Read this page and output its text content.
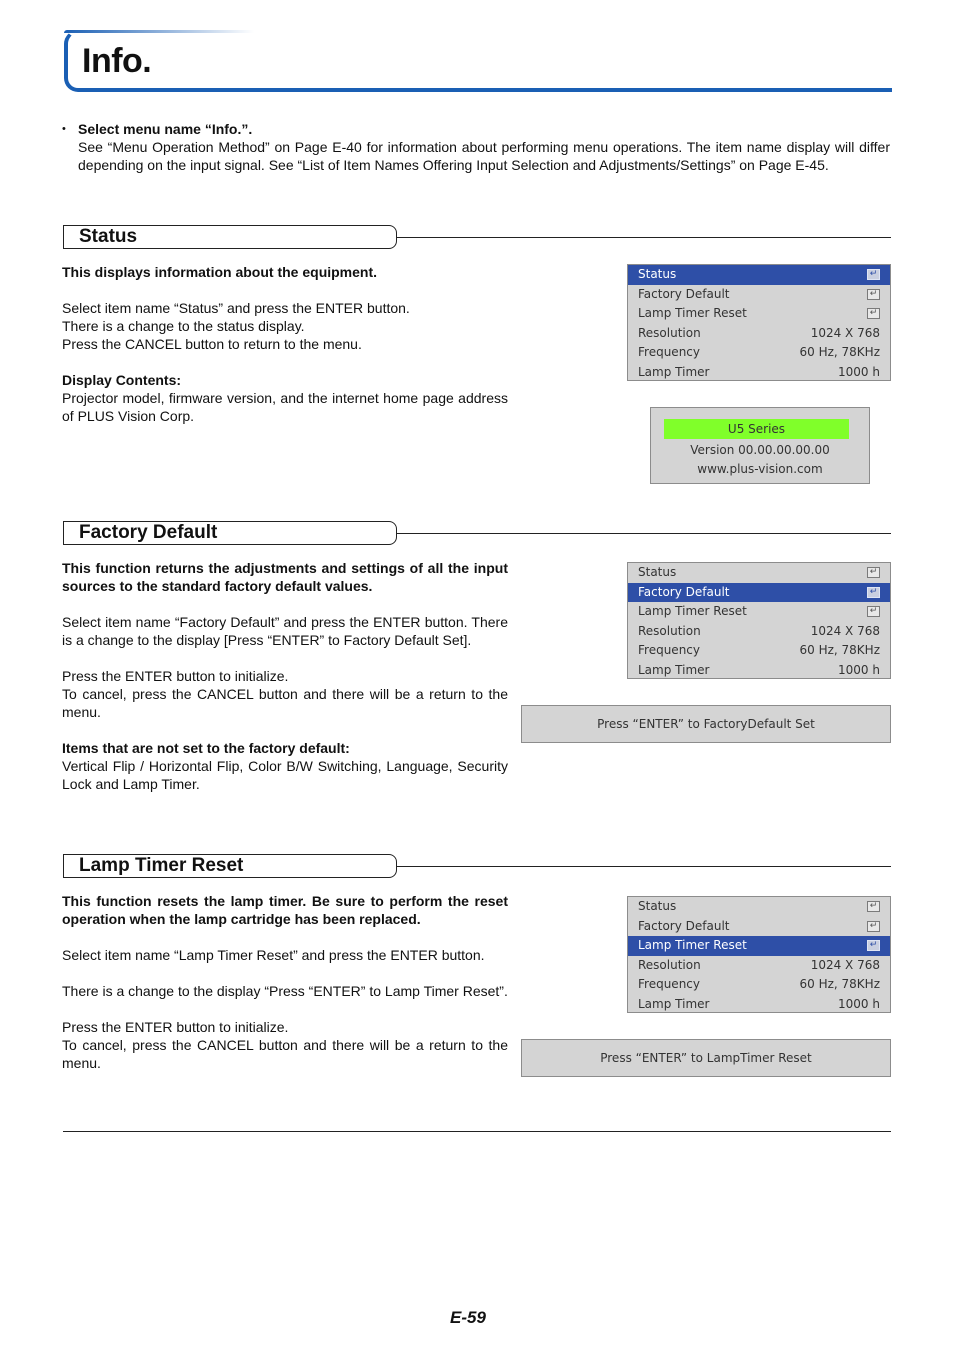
Info.
• Select menu name “Info.”.
See “Menu Operation Method” on Page E-40 for information about performing menu operations. The item name display will differ depending on the input signal. See “List of Item Names Offering Input Selection and Adjustments/Settings” on Page E-45.
Status

This displays information about the equipment.

Select item name “Status” and press the ENTER button.

There is a change to the status display.

Press the CANCEL button to return to the menu.

Display Contents:

Projector model, firmware version, and the internet home page address of PLUS Vision Corp.

Status	↵
Factory Default	↵
Lamp Timer Reset	↵
Resolution	1024 X 768
Frequency	60 Hz, 78KHz
Lamp Timer	1000 h
U5 Series
Version 00.00.00.00.00
www.plus-vision.com
Factory Default

This function returns the adjustments and settings of all the input sources to the standard factory default values.

Select item name “Factory Default” and press the ENTER button. There is a change to the display [Press “ENTER” to Factory Default Set].

Press the ENTER button to initialize.

To cancel, press the CANCEL button and there will be a return to the menu.

Items that are not set to the factory default:

Vertical Flip / Horizontal Flip, Color B/W Switching, Language, Security Lock and Lamp Timer.

Status	↵
Factory Default	↵
Lamp Timer Reset	↵
Resolution	1024 X 768
Frequency	60 Hz, 78KHz
Lamp Timer	1000 h
Press “ENTER” to FactoryDefault Set
Lamp Timer Reset

This function resets the lamp timer. Be sure to perform the reset operation when the lamp cartridge has been replaced.

Select item name “Lamp Timer Reset” and press the ENTER button.

There is a change to the display “Press “ENTER” to Lamp Timer Reset”.

Press the ENTER button to initialize.

To cancel, press the CANCEL button and there will be a return to the menu.

Status	↵
Factory Default	↵
Lamp Timer Reset	↵
Resolution	1024 X 768
Frequency	60 Hz, 78KHz
Lamp Timer	1000 h
Press “ENTER” to LampTimer Reset
E-59
